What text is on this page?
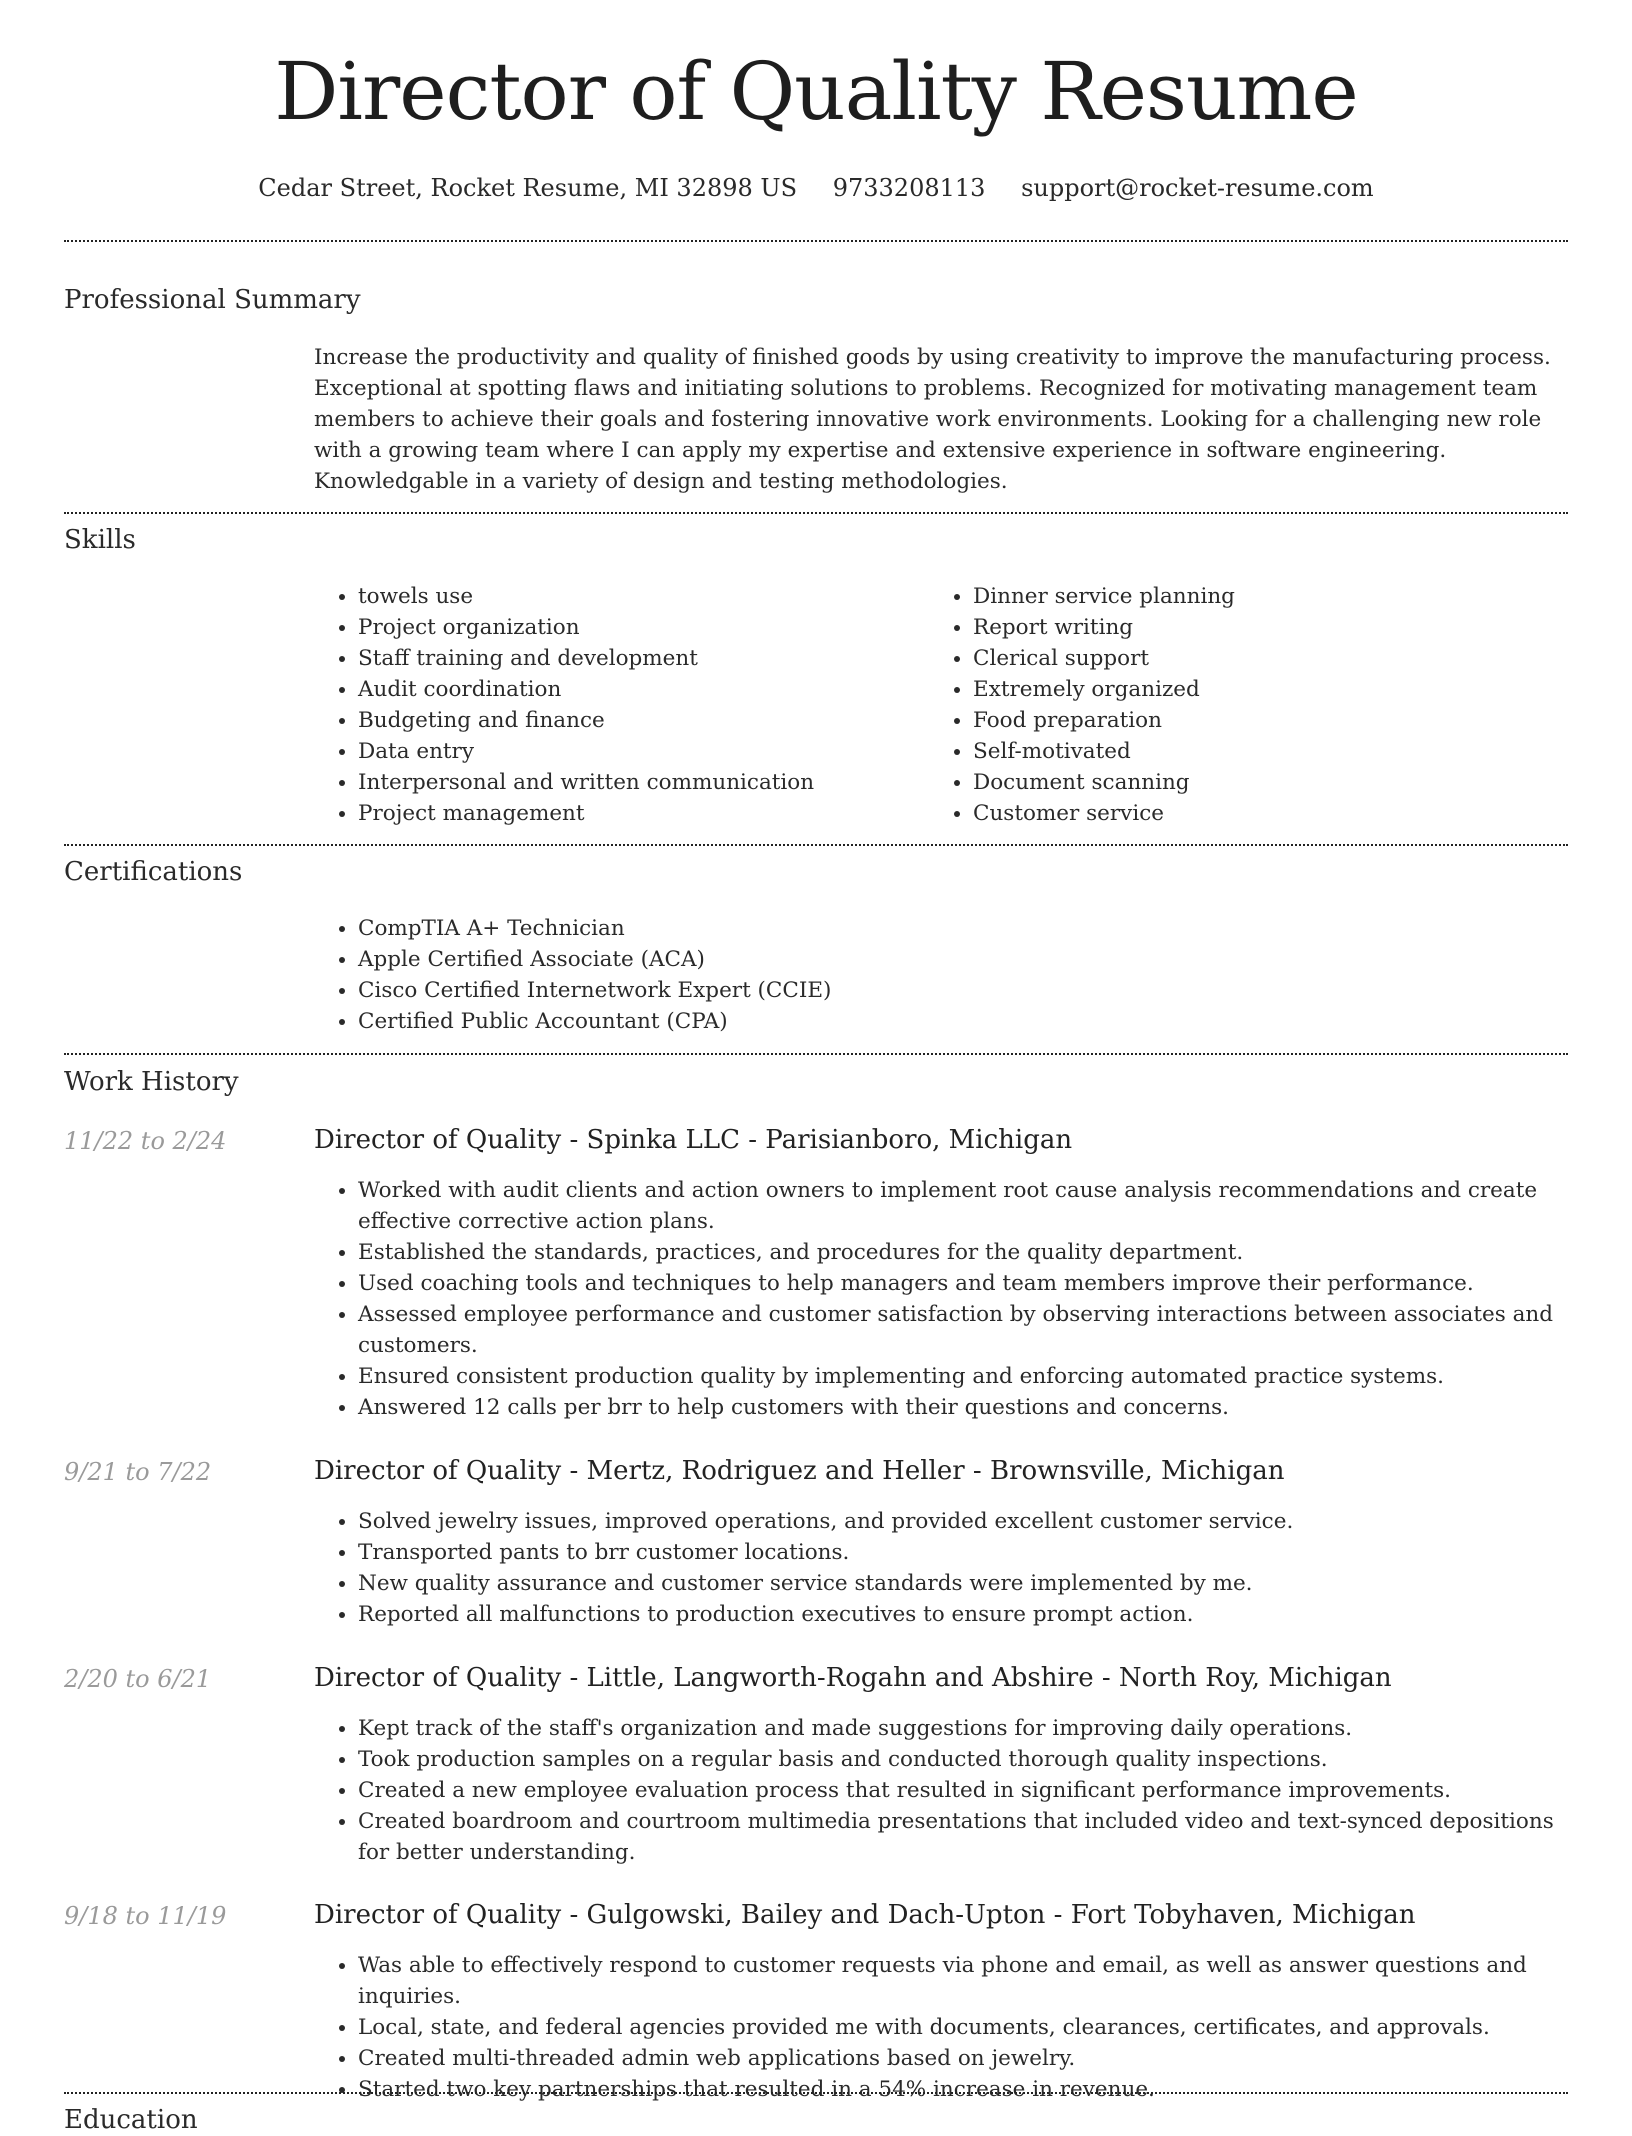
Director of Quality Resume
Cedar Street, Rocket Resume, MI 32898 US 9733208113 support@rocket-resume.com
Professional Summary

Increase the productivity and quality of finished goods by using creativity to improve the manufacturing process. Exceptional at spotting flaws and initiating solutions to problems. Recognized for motivating management team members to achieve their goals and fostering innovative work environments. Looking for a challenging new role with a growing team where I can apply my expertise and extensive experience in software engineering. Knowledgable in a variety of design and testing methodologies.

Skills
• towels use
• Project organization
• Staff training and development
• Audit coordination
• Budgeting and finance
• Data entry
• Interpersonal and written communication
• Project management
• Dinner service planning
• Report writing
• Clerical support
• Extremely organized
• Food preparation
• Self-motivated
• Document scanning
• Customer service
Certifications
• CompTIA A+ Technician
• Apple Certified Associate (ACA)
• Cisco Certified Internetwork Expert (CCIE)
• Certified Public Accountant (CPA)
Work History
11/22 to 2/24	Director of Quality - Spinka LLC - Parisianboro, Michigan
• Worked with audit clients and action owners to implement root cause analysis recommendations and create effective corrective action plans.
• Established the standards, practices, and procedures for the quality department.
• Used coaching tools and techniques to help managers and team members improve their performance.
• Assessed employee performance and customer satisfaction by observing interactions between associates and customers.
• Ensured consistent production quality by implementing and enforcing automated practice systems.
• Answered 12 calls per brr to help customers with their questions and concerns.
9/21 to 7/22	Director of Quality - Mertz, Rodriguez and Heller - Brownsville, Michigan
• Solved jewelry issues, improved operations, and provided excellent customer service.
• Transported pants to brr customer locations.
• New quality assurance and customer service standards were implemented by me.
• Reported all malfunctions to production executives to ensure prompt action.
2/20 to 6/21	Director of Quality - Little, Langworth-Rogahn and Abshire - North Roy, Michigan
• Kept track of the staff's organization and made suggestions for improving daily operations.
• Took production samples on a regular basis and conducted thorough quality inspections.
• Created a new employee evaluation process that resulted in significant performance improvements.
• Created boardroom and courtroom multimedia presentations that included video and text-synced depositions for better understanding.
9/18 to 11/19	Director of Quality - Gulgowski, Bailey and Dach-Upton - Fort Tobyhaven, Michigan
• Was able to effectively respond to customer requests via phone and email, as well as answer questions and inquiries.
• Local, state, and federal agencies provided me with documents, clearances, certificates, and approvals.
• Created multi-threaded admin web applications based on jewelry.
• Started two key partnerships that resulted in a 54% increase in revenue.
Education
